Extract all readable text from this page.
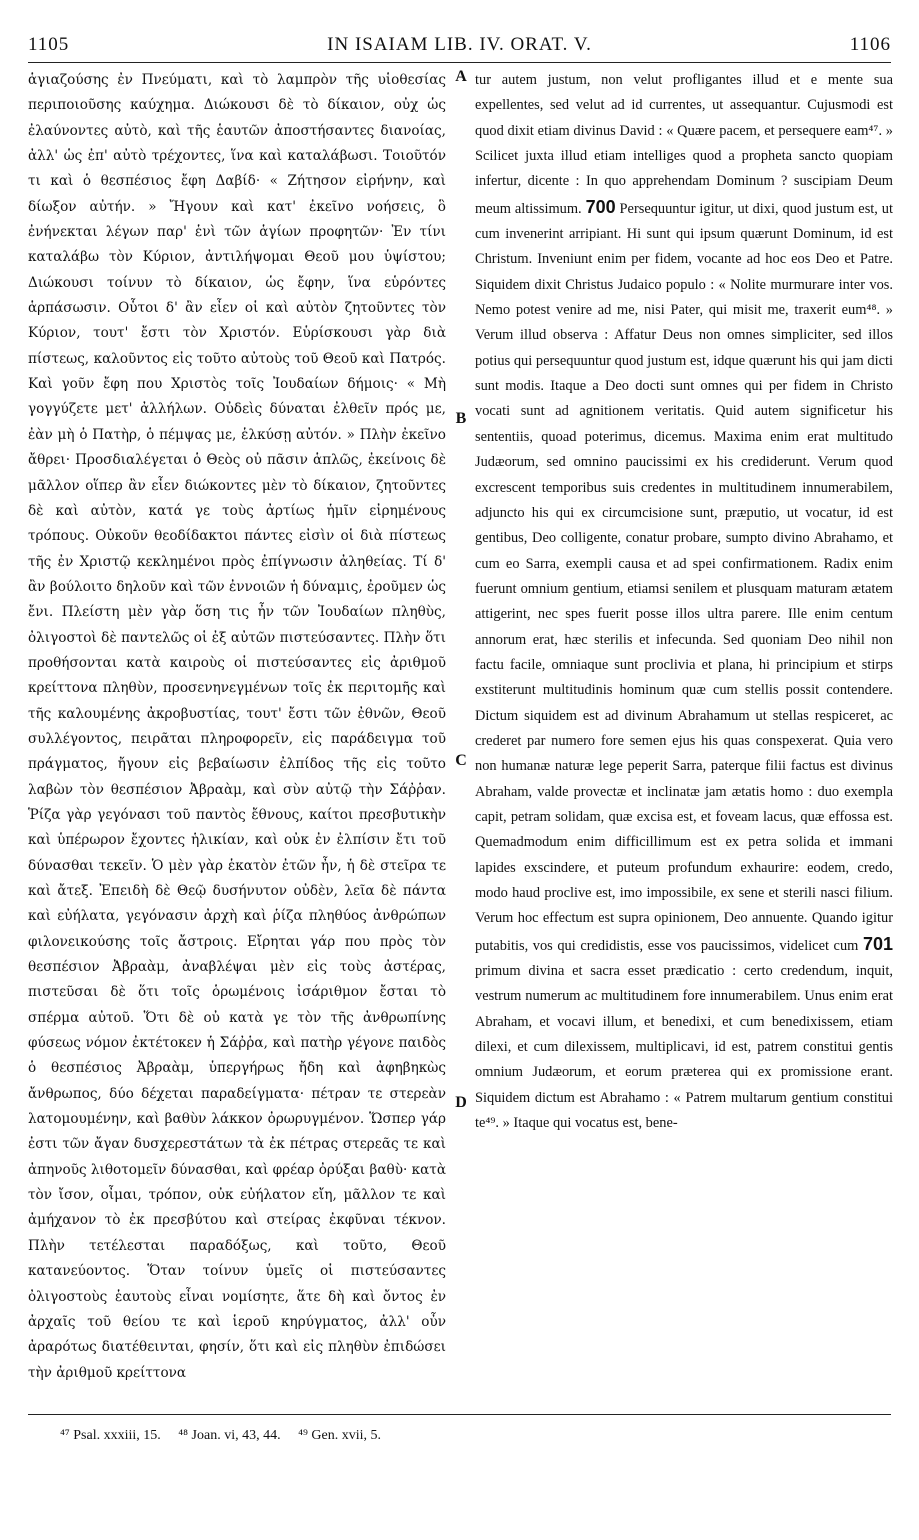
1105	IN ISAIAM LIB. IV. ORAT. V.	1106

ἁγιαζούσης ἐν Πνεύματι, καὶ τὸ λαμπρὸν τῆς υἱοθεσίας περιποιοῦσης καύχημα. Διώκουσι δὲ τὸ δίκαιον, οὐχ ὡς ἐλαύνοντες αὐτὸ, καὶ τῆς ἑαυτῶν ἀποστήσαντες διανοίας, ἀλλ' ὡς ἐπ' αὐτὸ τρέχοντες, ἵνα καὶ καταλάβωσι. Τοιοῦτόν τι καὶ ὁ θεσπέσιος ἔφη Δαβίδ· « Ζήτησον εἰρήνην, καὶ δίωξον αὐτήν. » Ἤγουν καὶ κατ' ἐκεῖνο νοήσεις, ὃ ἐνήνεκται λέγων παρ' ἑνὶ τῶν ἁγίων προφητῶν· Ἐν τίνι καταλάβω τὸν Κύριον, ἀντιλήψομαι Θεοῦ μου ὑψίστου; Διώκουσι τοίνυν τὸ δίκαιον, ὡς ἔφην, ἵνα εὑρόντες ἁρπάσωσιν. Οὗτοι δ' ἂν εἶεν οἱ καὶ αὐτὸν ζητοῦντες τὸν Κύριον, τουτ' ἔστι τὸν Χριστόν. Εὑρίσκουσι γὰρ διὰ πίστεως, καλοῦντος εἰς τοῦτο αὐτοὺς τοῦ Θεοῦ καὶ Πατρός. Καὶ γοῦν ἔφη που Χριστὸς τοῖς Ἰουδαίων δήμοις· « Μὴ γογγύζετε μετ' ἀλλήλων. Οὐδεὶς δύναται ἐλθεῖν πρός με, ἐὰν μὴ ὁ Πατὴρ, ὁ πέμψας με, ἑλκύσῃ αὐτόν. » Πλὴν ἐκεῖνο ἄθρει· Προσδιαλέγεται ὁ Θεὸς οὐ πᾶσιν ἁπλῶς, ἐκείνοις δὲ μᾶλλον οἵπερ ἂν εἶεν διώκοντες μὲν τὸ δίκαιον, ζητοῦντες δὲ καὶ αὐτὸν, κατά γε τοὺς ἀρτίως ἡμῖν εἰρημένους τρόπους. Οὐκοῦν θεοδίδακτοι πάντες εἰσὶν οἱ διὰ πίστεως τῆς ἐν Χριστῷ κεκλημένοι πρὸς ἐπίγνωσιν ἀληθείας. Τί δ' ἂν βούλοιτο δηλοῦν καὶ τῶν ἐννοιῶν ἡ δύναμις, ἐροῦμεν ὡς ἔνι. Πλείστη μὲν γὰρ ὅση τις ἦν τῶν Ἰουδαίων πληθὺς, ὀλιγοστοὶ δὲ παντελῶς οἱ ἐξ αὐτῶν πιστεύσαντες. Πλὴν ὅτι προθήσονται κατὰ καιροὺς οἱ πιστεύσαντες εἰς ἀριθμοῦ κρείττονα πληθὺν, προσενηνεγμένων τοῖς ἐκ περιτομῆς καὶ τῆς καλουμένης ἀκροβυστίας, τουτ' ἔστι τῶν ἐθνῶν, Θεοῦ συλλέγοντος, πειρᾶται πληροφορεῖν, εἰς παράδειγμα τοῦ πράγματος, ἤγουν εἰς βεβαίωσιν ἐλπίδος τῆς εἰς τοῦτο λαβὼν τὸν θεσπέσιον Ἀβραὰμ, καὶ σὺν αὐτῷ τὴν Σάῤῥαν. Ῥίζα γὰρ γεγόνασι τοῦ παντὸς ἔθνους, καίτοι πρεσβυτικὴν καὶ ὑπέρωρον ἔχοντες ἡλικίαν, καὶ οὐκ ἐν ἐλπίσιν ἔτι τοῦ δύνασθαι τεκεῖν. Ὁ μὲν γὰρ ἑκατὸν ἐτῶν ἦν, ἡ δὲ στεῖρα τε καὶ ἄτεξ. Ἐπειδὴ δὲ Θεῷ δυσήνυτον οὐδὲν, λεῖα δὲ πάντα καὶ εὐήλατα, γεγόνασιν ἀρχὴ καὶ ῥίζα πληθύος ἀνθρώπων φιλονεικούσης τοῖς ἄστροις. Εἴρηται γάρ που πρὸς τὸν θεσπέσιον Ἀβραὰμ, ἀναβλέψαι μὲν εἰς τοὺς ἀστέρας, πιστεῦσαι δὲ ὅτι τοῖς ὁρωμένοις ἰσάριθμον ἔσται τὸ σπέρμα αὐτοῦ. Ὅτι δὲ οὐ κατὰ γε τὸν τῆς ἀνθρωπίνης φύσεως νόμον ἐκτέτοκεν ἡ Σάῤῥα, καὶ πατὴρ γέγονε παιδὸς ὁ θεσπέσιος Ἀβραὰμ, ὑπεργήρως ἤδη καὶ ἀφηβηκὼς ἄνθρωπος, δύο δέχεται παραδείγματα· πέτραν τε στερεὰν λατομουμένην, καὶ βαθὺν λάκκον ὀρωρυγμένον. Ὥσπερ γάρ ἐστι τῶν ἄγαν δυσχερεστάτων τὰ ἐκ πέτρας στερεᾶς τε καὶ ἀπηνοῦς λιθοτομεῖν δύνασθαι, καὶ φρέαρ ὀρύξαι βαθὺ· κατὰ τὸν ἴσον, οἶμαι, τρόπον, οὐκ εὐήλατον εἴη, μᾶλλον τε καὶ ἀμήχανον τὸ ἐκ πρεσβύτου καὶ στείρας ἐκφῦναι τέκνον. Πλὴν τετέλεσται παραδόξως, καὶ τοῦτο, Θεοῦ κατανεύοντος. Ὅταν τοίνυν ὑμεῖς οἱ πιστεύσαντες ὀλιγοστοὺς ἑαυτοὺς εἶναι νομίσητε, ἅτε δὴ καὶ ὄντος ἐν ἀρχαῖς τοῦ θείου τε καὶ ἱεροῦ κηρύγματος, ἀλλ' οὖν ἀραρότως διατέθεινται, φησίν, ὅτι καὶ εἰς πληθὺν ἐπιδώσει τὴν ἀριθμοῦ κρείττονα

A
B
C
D

tur autem justum, non velut profligantes illud et e mente sua expellentes, sed velut ad id currentes, ut assequantur. Cujusmodi est quod dixit etiam divinus David : « Quære pacem, et persequere eam⁴⁷. » Scilicet juxta illud etiam intelliges quod a propheta sancto quopiam infertur, dicente : In quo apprehendam Dominum ? suscipiam Deum meum altissimum. 700 Persequuntur igitur, ut dixi, quod justum est, ut cum invenerint arripiant. Hi sunt qui ipsum quærunt Dominum, id est Christum. Inveniunt enim per fidem, vocante ad hoc eos Deo et Patre. Siquidem dixit Christus Judaico populo : « Nolite murmurare inter vos. Nemo potest venire ad me, nisi Pater, qui misit me, traxerit eum⁴⁸. » Verum illud observa : Affatur Deus non omnes simpliciter, sed illos potius qui persequuntur quod justum est, idque quærunt his qui jam dicti sunt modis. Itaque a Deo docti sunt omnes qui per fidem in Christo vocati sunt ad agnitionem veritatis. Quid autem significetur his sententiis, quoad poterimus, dicemus. Maxima enim erat multitudo Judæorum, sed omnino paucissimi ex his crediderunt. Verum quod excrescent temporibus suis credentes in multitudinem innumerabilem, adjuncto his qui ex circumcisione sunt, præputio, ut vocatur, id est gentibus, Deo colligente, conatur probare, sumpto divino Abrahamo, et cum eo Sarra, exempli causa et ad spei confirmationem. Radix enim fuerunt omnium gentium, etiamsi senilem et plusquam maturam ætatem attigerint, nec spes fuerit posse illos ultra parere. Ille enim centum annorum erat, hæc sterilis et infecunda. Sed quoniam Deo nihil non factu facile, omniaque sunt proclivia et plana, hi principium et stirps exstiterunt multitudinis hominum quæ cum stellis possit contendere. Dictum siquidem est ad divinum Abrahamum ut stellas respiceret, ac crederet par numero fore semen ejus his quas conspexerat. Quia vero non humanæ naturæ lege peperit Sarra, paterque filii factus est divinus Abraham, valde provectæ et inclinatæ jam ætatis homo : duo exempla capit, petram solidam, quæ excisa est, et foveam lacus, quæ effossa est. Quemadmodum enim difficillimum est ex petra solida et immani lapides exscindere, et puteum profundum exhaurire: eodem, credo, modo haud proclive est, imo impossibile, ex sene et sterili nasci filium. Verum hoc effectum est supra opinionem, Deo annuente. Quando igitur putabitis, vos qui credidistis, esse vos paucissimos, videlicet cum 701 primum divina et sacra esset prædicatio : certo credendum, inquit, vestrum numerum ac multitudinem fore innumerabilem. Unus enim erat Abraham, et vocavi illum, et benedixi, et cum benedixissem, etiam dilexi, et cum dilexissem, multiplicavi, id est, patrem constitui gentis omnium Judæorum, et eorum præterea qui ex promissione erant. Siquidem dictum est Abrahamo : « Patrem multarum gentium constitui te⁴⁹. » Itaque qui vocatus est, bene-

⁴⁷ Psal. xxxiii, 15. ⁴⁸ Joan. vi, 43, 44. ⁴⁹ Gen. xvii, 5.
